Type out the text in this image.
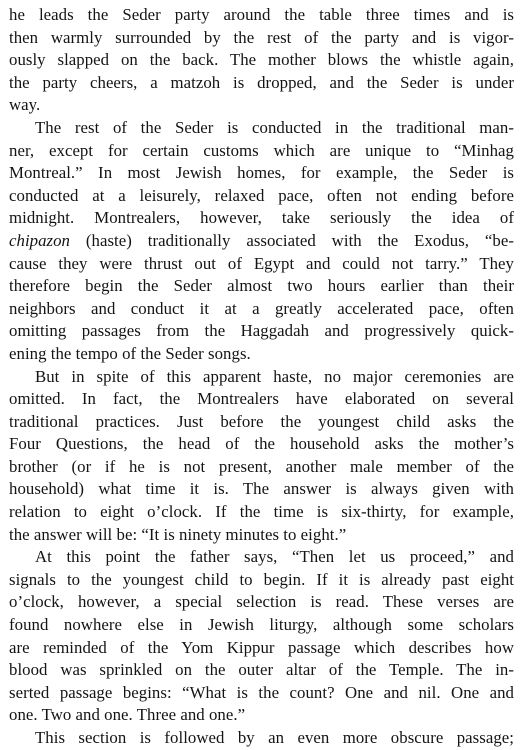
he leads the Seder party around the table three times and is
then warmly surrounded by the rest of the party and is vigor-
ously slapped on the back. The mother blows the whistle again,
the party cheers, a matzoh is dropped, and the Seder is under
way.
The rest of the Seder is conducted in the traditional man-
ner, except for certain customs which are unique to “Minhag
Montreal.” In most Jewish homes, for example, the Seder is
conducted at a leisurely, relaxed pace, often not ending before
midnight. Montrealers, however, take seriously the idea of
chipazon (haste) traditionally associated with the Exodus, “be-
cause they were thrust out of Egypt and could not tarry.” They
therefore begin the Seder almost two hours earlier than their
neighbors and conduct it at a greatly accelerated pace, often
omitting passages from the Haggadah and progressively quick-
ening the tempo of the Seder songs.
But in spite of this apparent haste, no major ceremonies are
omitted. In fact, the Montrealers have elaborated on several
traditional practices. Just before the youngest child asks the
Four Questions, the head of the household asks the mother’s
brother (or if he is not present, another male member of the
household) what time it is. The answer is always given with
relation to eight o’clock. If the time is six-thirty, for example,
the answer will be: “It is ninety minutes to eight.”
At this point the father says, “Then let us proceed,” and
signals to the youngest child to begin. If it is already past eight
o’clock, however, a special selection is read. These verses are
found nowhere else in Jewish liturgy, although some scholars
are reminded of the Yom Kippur passage which describes how
blood was sprinkled on the outer altar of the Temple. The in-
serted passage begins: “What is the count? One and nil. One and
one. Two and one. Three and one.”
This section is followed by an even more obscure passage;
